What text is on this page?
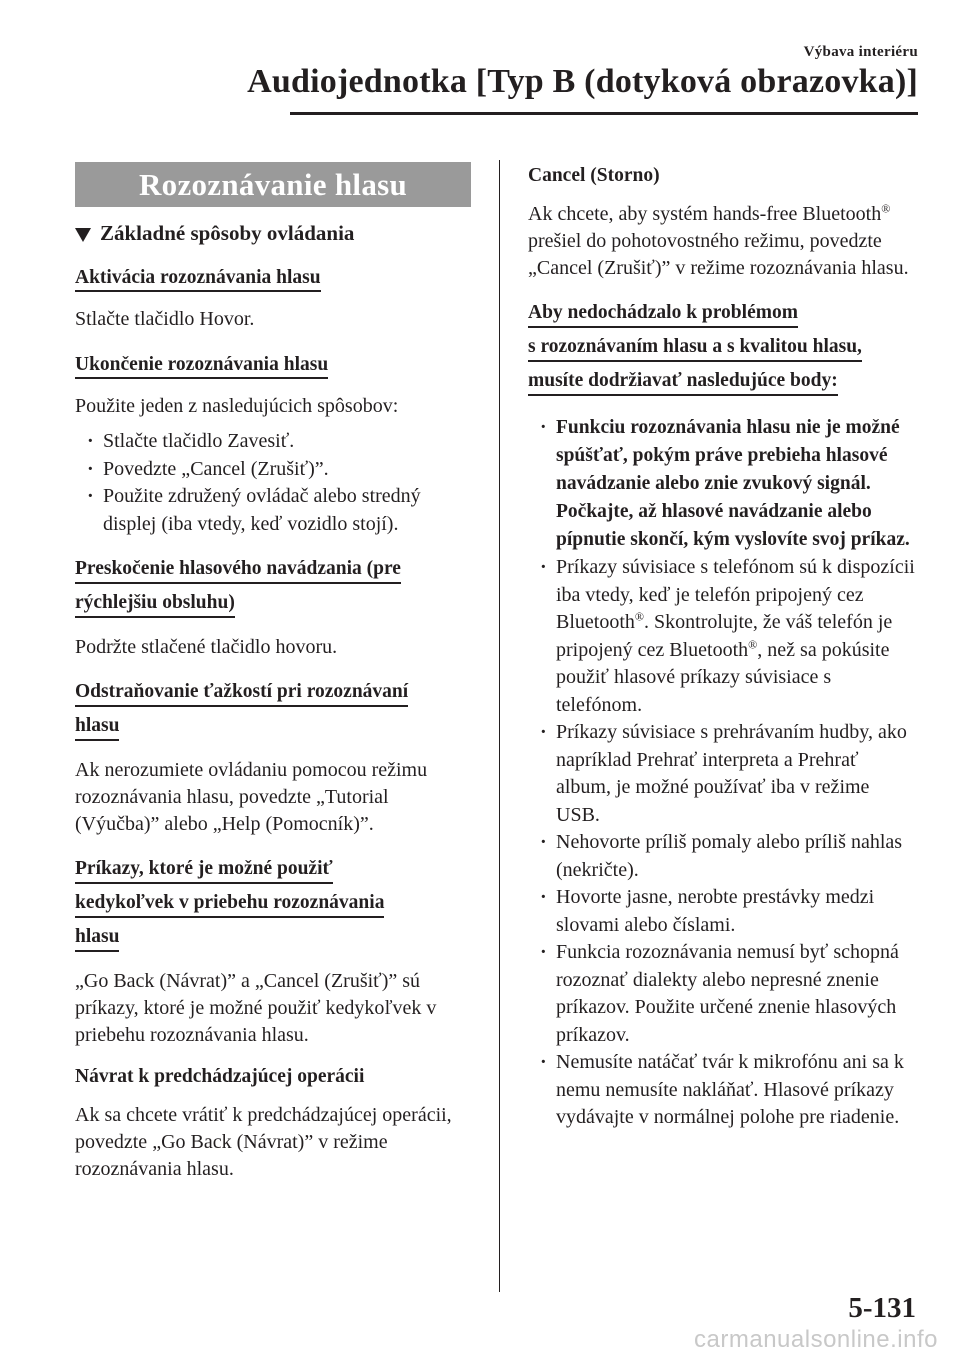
Výbava interiéru
Audiojednotka [Typ B (dotyková obrazovka)]
Rozoznávanie hlasu
Základné spôsoby ovládania
Aktivácia rozoznávania hlasu
Stlačte tlačidlo Hovor.
Ukončenie rozoznávania hlasu
Použite jeden z nasledujúcich spôsobov:
· Stlačte tlačidlo Zavesiť.
· Povedzte „Cancel (Zrušiť)”.
· Použite združený ovládač alebo stredný displej (iba vtedy, keď vozidlo stojí).
Preskočenie hlasového navádzania (pre
rýchlejšiu obsluhu)
Podržte stlačené tlačidlo hovoru.
Odstraňovanie ťažkostí pri rozoznávaní
hlasu
Ak nerozumiete ovládaniu pomocou režimu rozoznávania hlasu, povedzte „Tutorial (Výučba)” alebo „Help (Pomocník)”.
Príkazy, ktoré je možné použiť
kedykoľvek v priebehu rozoznávania
hlasu
„Go Back (Návrat)” a „Cancel (Zrušiť)” sú príkazy, ktoré je možné použiť kedykoľvek v priebehu rozoznávania hlasu.
Návrat k predchádzajúcej operácii
Ak sa chcete vrátiť k predchádzajúcej operácii, povedzte „Go Back (Návrat)” v režime rozoznávania hlasu.
Cancel (Storno)
Ak chcete, aby systém hands-free Bluetooth® prešiel do pohotovostného režimu, povedzte „Cancel (Zrušiť)” v režime rozoznávania hlasu.
Aby nedochádzalo k problémom
s rozoznávaním hlasu a s kvalitou hlasu,
musíte dodržiavať nasledujúce body:
· Funkciu rozoznávania hlasu nie je možné spúšťať, pokým práve prebieha hlasové navádzanie alebo znie zvukový signál. Počkajte, až hlasové navádzanie alebo pípnutie skončí, kým vyslovíte svoj príkaz.
· Príkazy súvisiace s telefónom sú k dispozícii iba vtedy, keď je telefón pripojený cez Bluetooth®. Skontrolujte, že váš telefón je pripojený cez Bluetooth®, než sa pokúsite použiť hlasové príkazy súvisiace s telefónom.
· Príkazy súvisiace s prehrávaním hudby, ako napríklad Prehrať interpreta a Prehrať album, je možné používať iba v režime USB.
· Nehovorte príliš pomaly alebo príliš nahlas (nekričte).
· Hovorte jasne, nerobte prestávky medzi slovami alebo číslami.
· Funkcia rozoznávania nemusí byť schopná rozoznať dialekty alebo nepresné znenie príkazov. Použite určené znenie hlasových príkazov.
· Nemusíte natáčať tvár k mikrofónu ani sa k nemu nemusíte nakláňať. Hlasové príkazy vydávajte v normálnej polohe pre riadenie.
5-131
carmanualsonline.info
